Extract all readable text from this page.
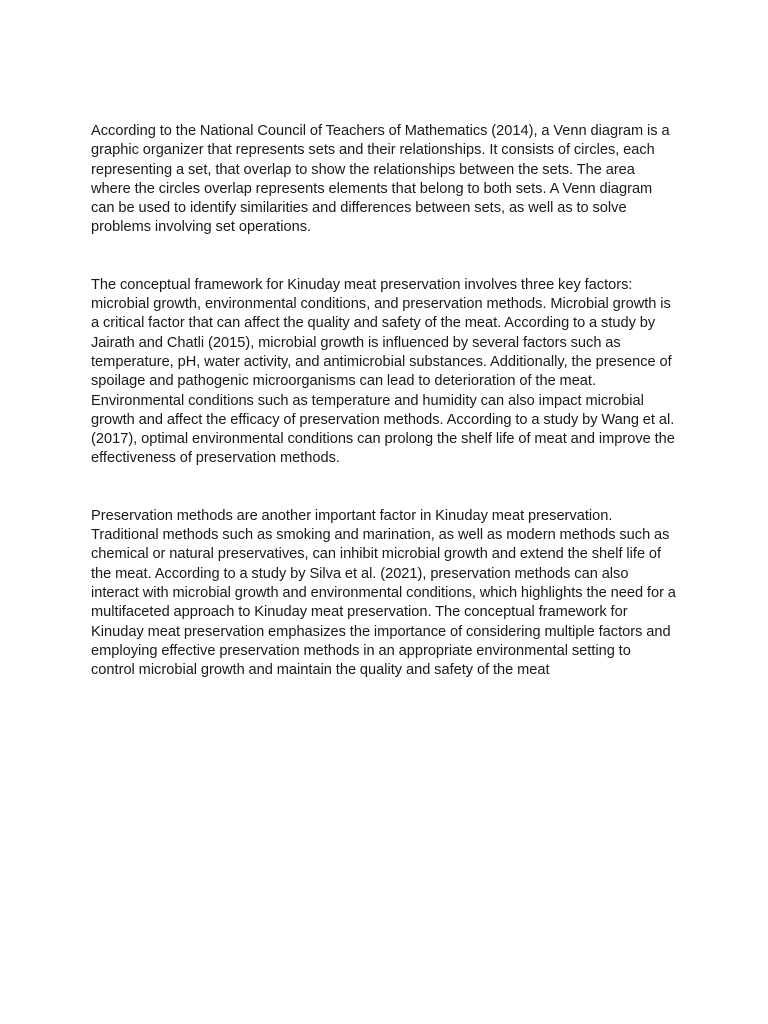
According to the National Council of Teachers of Mathematics (2014), a Venn diagram is a graphic organizer that represents sets and their relationships. It consists of circles, each representing a set, that overlap to show the relationships between the sets. The area where the circles overlap represents elements that belong to both sets. A Venn diagram can be used to identify similarities and differences between sets, as well as to solve problems involving set operations.

The conceptual framework for Kinuday meat preservation involves three key factors: microbial growth, environmental conditions, and preservation methods. Microbial growth is a critical factor that can affect the quality and safety of the meat. According to a study by Jairath and Chatli (2015), microbial growth is influenced by several factors such as temperature, pH, water activity, and antimicrobial substances. Additionally, the presence of spoilage and pathogenic microorganisms can lead to deterioration of the meat. Environmental conditions such as temperature and humidity can also impact microbial growth and affect the efficacy of preservation methods. According to a study by Wang et al. (2017), optimal environmental conditions can prolong the shelf life of meat and improve the effectiveness of preservation methods.

Preservation methods are another important factor in Kinuday meat preservation. Traditional methods such as smoking and marination, as well as modern methods such as chemical or natural preservatives, can inhibit microbial growth and extend the shelf life of the meat. According to a study by Silva et al. (2021), preservation methods can also interact with microbial growth and environmental conditions, which highlights the need for a multifaceted approach to Kinuday meat preservation. The conceptual framework for Kinuday meat preservation emphasizes the importance of considering multiple factors and employing effective preservation methods in an appropriate environmental setting to control microbial growth and maintain the quality and safety of the meat
